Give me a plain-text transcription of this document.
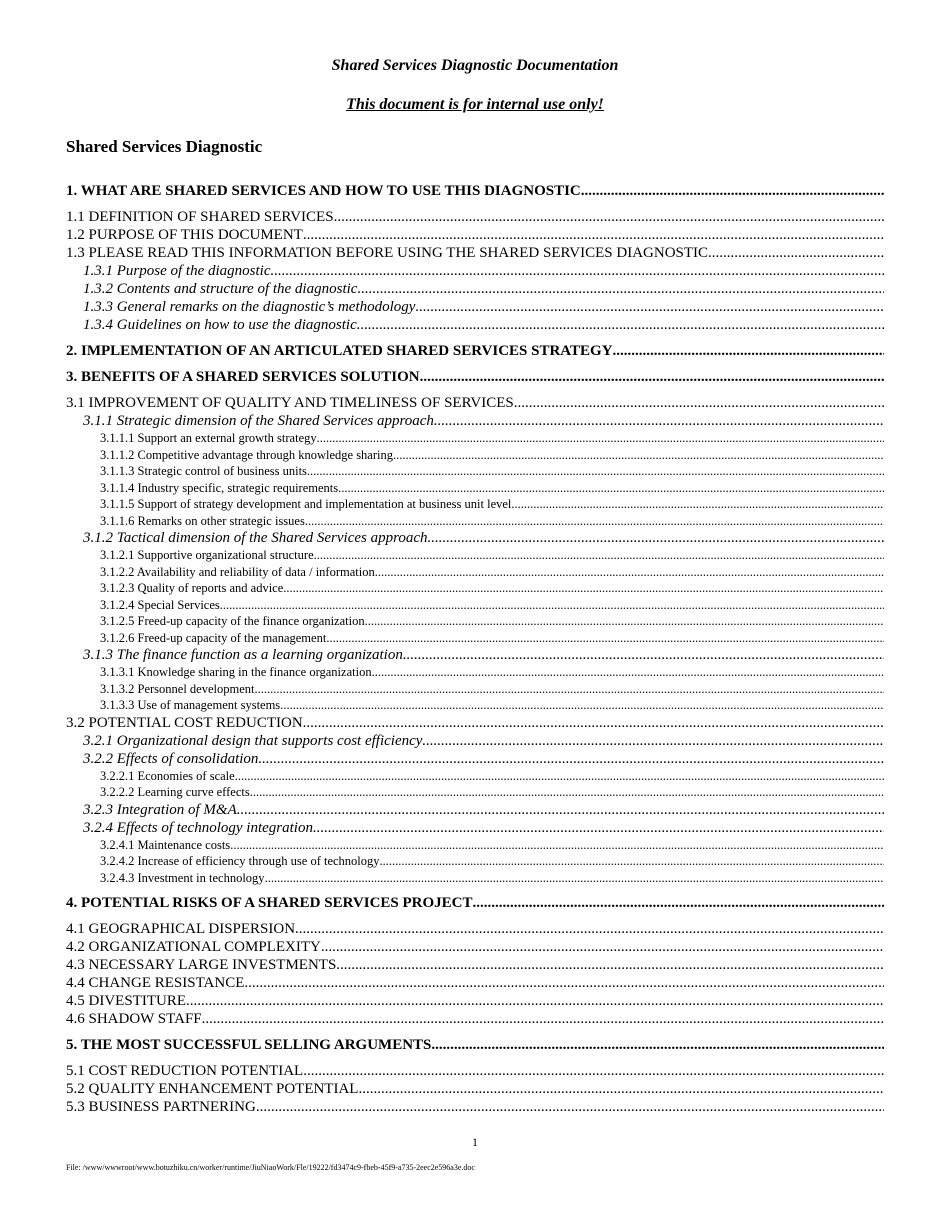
Shared Services Diagnostic Documentation
This document is for internal use only!
Shared Services Diagnostic
1. WHAT ARE SHARED SERVICES AND HOW TO USE THIS DIAGNOSTIC
.....
1.1 DEFINITION OF SHARED SERVICES
.....
1.2 PURPOSE OF THIS DOCUMENT
.....
1.3 PLEASE READ THIS INFORMATION BEFORE USING THE SHARED SERVICES DIAGNOSTIC
.....
1.3.1 Purpose of the diagnostic
.....
1.3.2 Contents and structure of the diagnostic
.....
1.3.3 General remarks on the diagnostic’s methodology
.....
1.3.4 Guidelines on how to use the diagnostic
.....
2. IMPLEMENTATION OF AN ARTICULATED SHARED SERVICES STRATEGY
.....
3. BENEFITS OF A SHARED SERVICES SOLUTION
.....
3.1 IMPROVEMENT OF QUALITY AND TIMELINESS OF SERVICES
.....
3.1.1 Strategic dimension of the Shared Services approach
.....
3.1.1.1 Support an external growth strategy
.....
3.1.1.2 Competitive advantage through knowledge sharing
.....
3.1.1.3 Strategic control of business units
.....
3.1.1.4 Industry specific, strategic requirements
.....
3.1.1.5 Support of strategy development and implementation at business unit level
.....
3.1.1.6 Remarks on other strategic issues
.....
3.1.2 Tactical dimension of the Shared Services approach
.....
3.1.2.1 Supportive organizational structure
.....
3.1.2.2 Availability and reliability of data / information
.....
3.1.2.3 Quality of reports and advice
.....
3.1.2.4 Special Services
.....
3.1.2.5 Freed-up capacity of the finance organization
.....
3.1.2.6 Freed-up capacity of the management
.....
3.1.3 The finance function as a learning organization
.....
3.1.3.1 Knowledge sharing in the finance organization
.....
3.1.3.2 Personnel development
.....
3.1.3.3 Use of management systems
.....
3.2 POTENTIAL COST REDUCTION
.....
3.2.1 Organizational design that supports cost efficiency
.....
3.2.2 Effects of consolidation
.....
3.2.2.1 Economies of scale
.....
3.2.2.2 Learning curve effects
.....
3.2.3 Integration of M&A
.....
3.2.4 Effects of technology integration
.....
3.2.4.1 Maintenance costs
.....
3.2.4.2 Increase of efficiency through use of technology
.....
3.2.4.3 Investment in technology
.....
4. POTENTIAL RISKS OF A SHARED SERVICES PROJECT
.....
4.1 GEOGRAPHICAL DISPERSION
.....
4.2 ORGANIZATIONAL COMPLEXITY
.....
4.3 NECESSARY LARGE INVESTMENTS
.....
4.4 CHANGE RESISTANCE
.....
4.5 DIVESTITURE
.....
4.6 SHADOW STAFF
.....
5. THE MOST SUCCESSFUL SELLING ARGUMENTS
.....
5.1 COST REDUCTION POTENTIAL
.....
5.2 QUALITY ENHANCEMENT POTENTIAL
.....
5.3 BUSINESS PARTNERING
.....
1
File: /www/wwwroot/www.botuzhiku.cn/worker/runtime/JiuNiaoWork/Fle/19222/fd3474c9-fbeb-45f9-a735-2eec2e596a3e.doc
